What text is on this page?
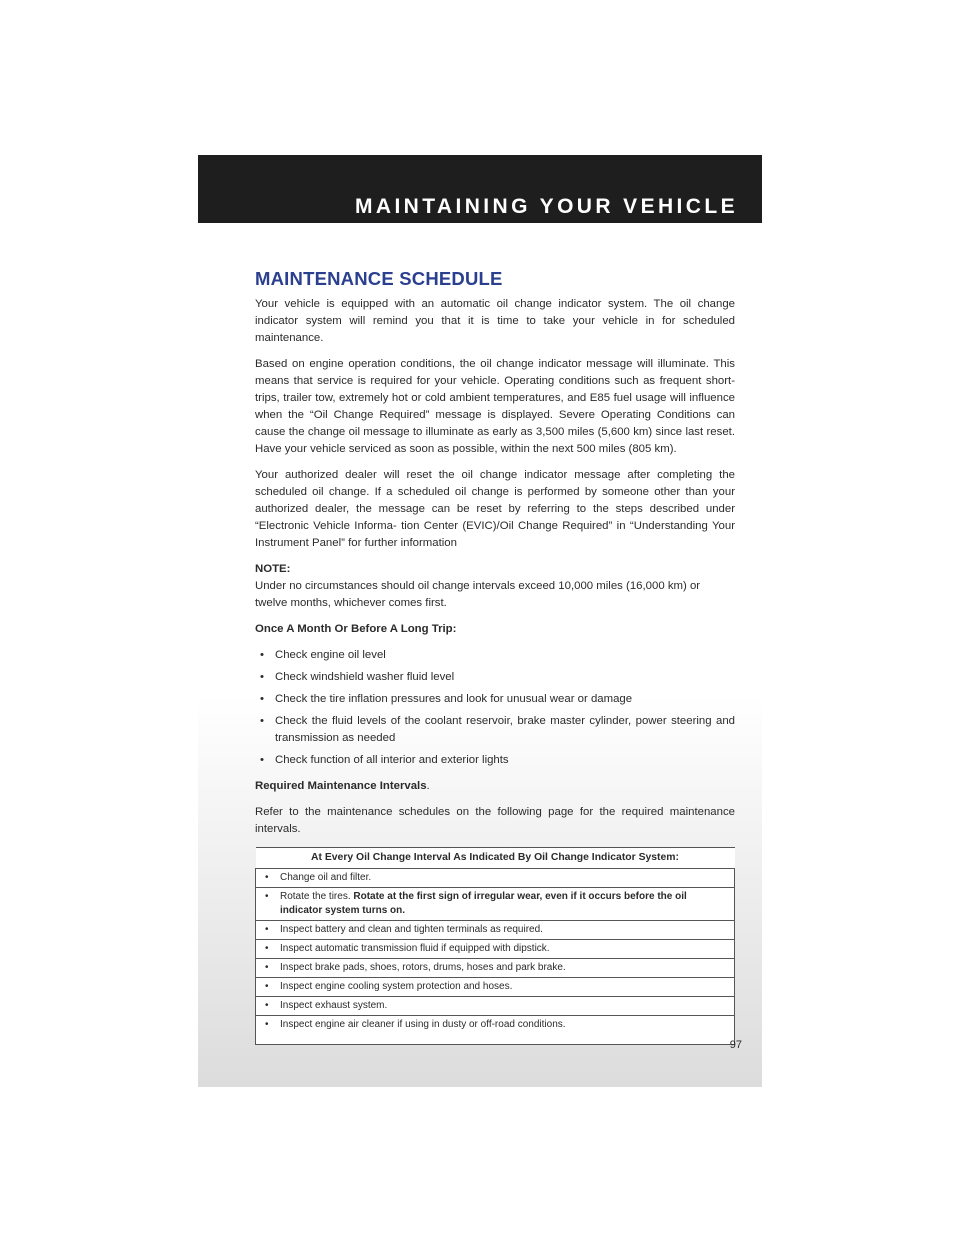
MAINTAINING YOUR VEHICLE
MAINTENANCE SCHEDULE

Your vehicle is equipped with an automatic oil change indicator system. The oil change indicator system will remind you that it is time to take your vehicle in for scheduled maintenance.

Based on engine operation conditions, the oil change indicator message will illuminate. This means that service is required for your vehicle. Operating conditions such as frequent short-trips, trailer tow, extremely hot or cold ambient temperatures, and E85 fuel usage will influence when the “Oil Change Required” message is displayed. Severe Operating Conditions can cause the change oil message to illuminate as early as 3,500 miles (5,600 km) since last reset. Have your vehicle serviced as soon as possible, within the next 500 miles (805 km).

Your authorized dealer will reset the oil change indicator message after completing the scheduled oil change. If a scheduled oil change is performed by someone other than your authorized dealer, the message can be reset by referring to the steps described under “Electronic Vehicle Informa- tion Center (EVIC)/Oil Change Required” in “Understanding Your Instrument Panel” for further information

NOTE:
Under no circumstances should oil change intervals exceed 10,000 miles (16,000 km) or twelve months, whichever comes first.
Once A Month Or Before A Long Trip:
• Check engine oil level
• Check windshield washer fluid level
• Check the tire inflation pressures and look for unusual wear or damage
• Check the fluid levels of the coolant reservoir, brake master cylinder, power steering and transmission as needed
• Check function of all interior and exterior lights
Required Maintenance Intervals.

Refer to the maintenance schedules on the following page for the required maintenance intervals.

At Every Oil Change Interval As Indicated By Oil Change Indicator System:

• Change oil and filter.

• Rotate the tires. Rotate at the first sign of irregular wear, even if it occurs before the oil indicator system turns on.

• Inspect battery and clean and tighten terminals as required.

• Inspect automatic transmission fluid if equipped with dipstick.

• Inspect brake pads, shoes, rotors, drums, hoses and park brake.

• Inspect engine cooling system protection and hoses.

• Inspect exhaust system.

• Inspect engine air cleaner if using in dusty or off-road conditions.
97
